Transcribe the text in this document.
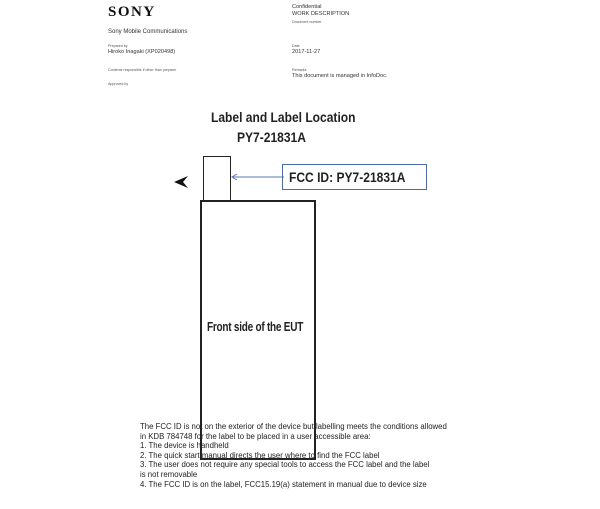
SONY
Sony Mobile Communications
Prepared by
Hiroko Inagaki (XP020498)
Contents responsible if other than preparer
Approved by
Confidential
WORK DESCRIPTION
Document number
Date
2017-11-27
Remarks
This document is managed in InfoDoc.
Label and Label Location
PY7-21831A
FCC ID: PY7-21831A
Front side of the EUT
The FCC ID is not on the exterior of the device but labelling meets the conditions allowed
in KDB 784748 for the label to be placed in a user accessible area:
1. The device is handheld
2. The quick start manual directs the user where to find the FCC label
3. The user does not require any special tools to access the FCC label and the label
is not removable
4. The FCC ID is on the label, FCC15.19(a) statement in manual due to device size
